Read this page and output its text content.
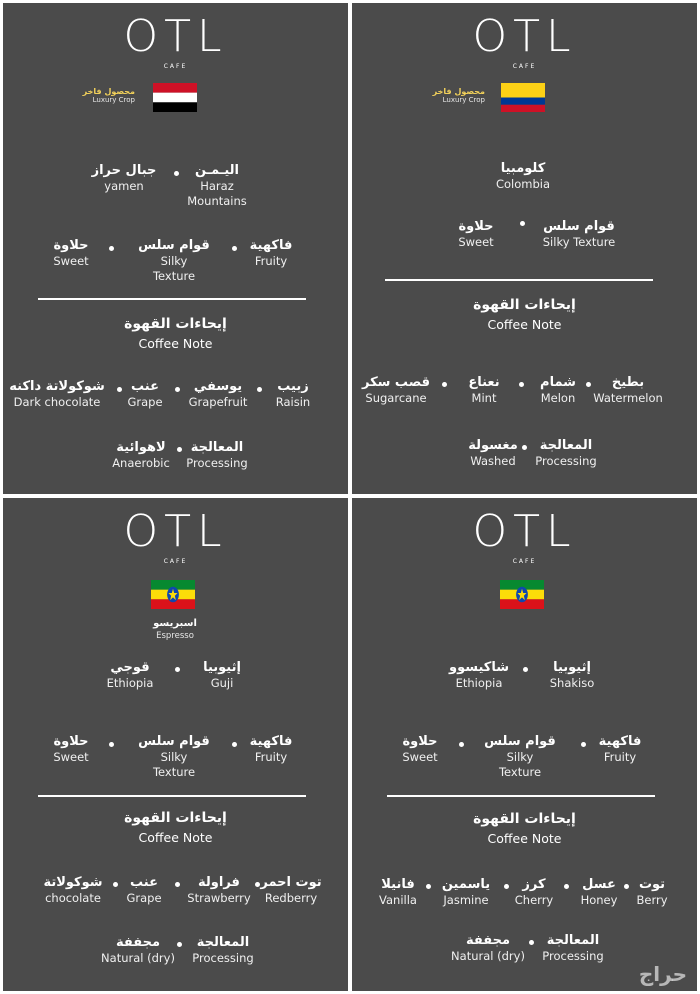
OTL
CAFE
محصول فاخر
Luxury Crop
اليـمـن
Haraz
Mountains
جبال حراز
yamen
فاكهية
Fruity
قوام سلس
Silky
Texture
حلاوة
Sweet
إيحاءات القهوة
Coffee Note
زبيب
Raisin
يوسفي
Grapefruit
عنب
Grape
شوكولاتة داكنه
Dark chocolate
المعالجة
Processing
لاهوائية
Anaerobic
OTL
CAFE
محصول فاخر
Luxury Crop
كلومبيا
Colombia
قوام سلس
Silky Texture
حلاوة
Sweet
إيحاءات القهوة
Coffee Note
بطيخ
Watermelon
شمام
Melon
نعناع
Mint
قصب سكر
Sugarcane
المعالجة
Processing
مغسولة
Washed
OTL
CAFE
اسبريسو
Espresso
إثيوبيا
Guji
قوجي
Ethiopia
فاكهية
Fruity
قوام سلس
Silky
Texture
حلاوة
Sweet
إيحاءات القهوة
Coffee Note
توت احمر
Redberry
فراولة
Strawberry
عنب
Grape
شوكولاتة
chocolate
المعالجة
Processing
مجففة
Natural (dry)
OTL
CAFE
إثيوبيا
Shakiso
شاكيسوو
Ethiopia
فاكهية
Fruity
قوام سلس
Silky
Texture
حلاوة
Sweet
إيحاءات القهوة
Coffee Note
توت
Berry
عسل
Honey
كرز
Cherry
ياسمين
Jasmine
فانيلا
Vanilla
المعالجة
Processing
مجففة
Natural (dry)
حراج
